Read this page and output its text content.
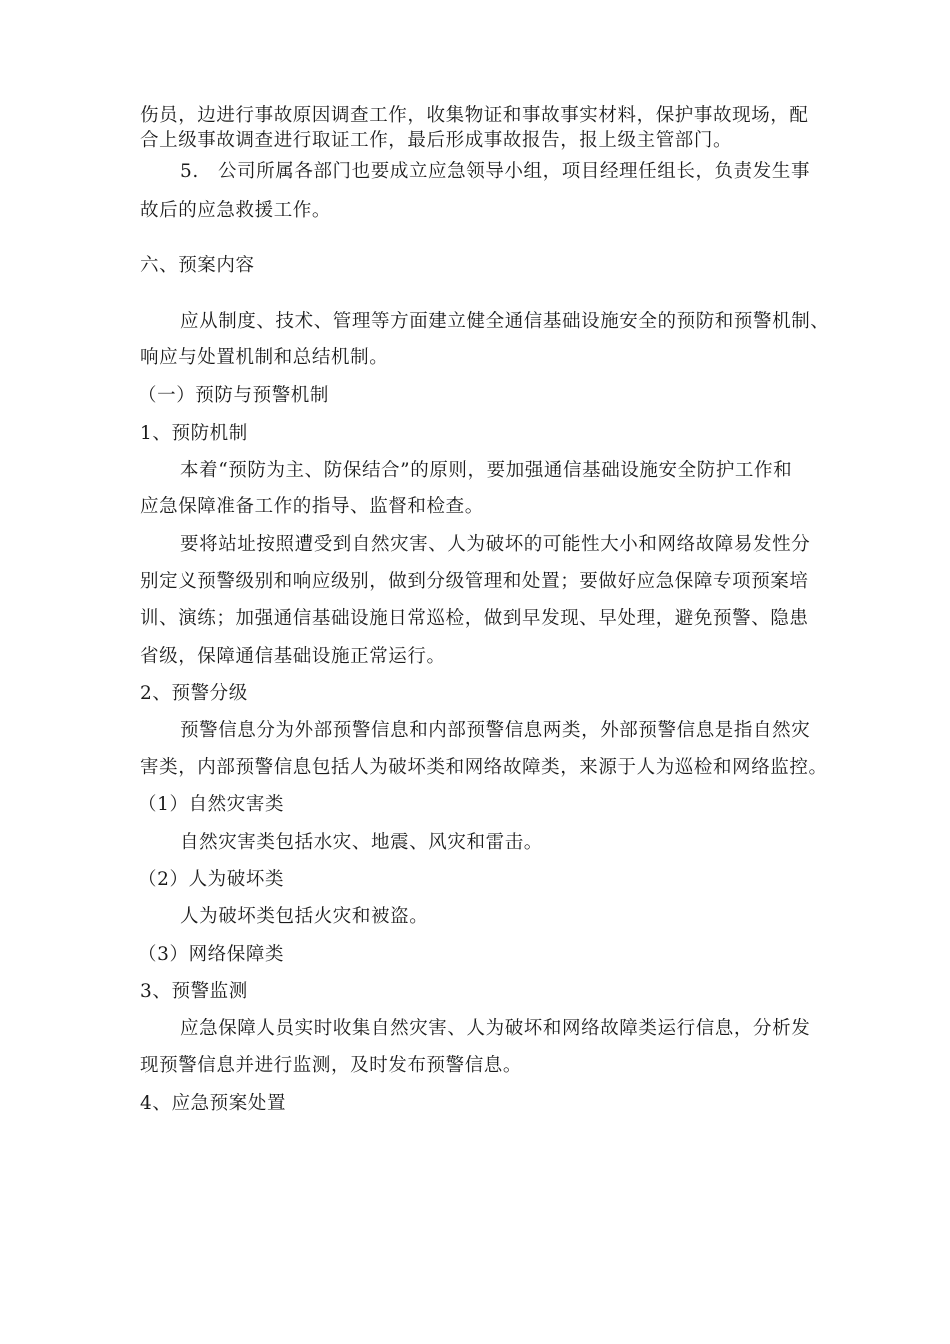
伤员，边进行事故原因调查工作，收集物证和事故事实材料，保护事故现场，配
合上级事故调查进行取证工作，最后形成事故报告，报上级主管部门。
5.　公司所属各部门也要成立应急领导小组，项目经理任组长，负责发生事
故后的应急救援工作。
六、预案内容
应从制度、技术、管理等方面建立健全通信基础设施安全的预防和预警机制、
响应与处置机制和总结机制。
（一）预防与预警机制
1、预防机制
本着“预防为主、防保结合”的原则，要加强通信基础设施安全防护工作和
应急保障准备工作的指导、监督和检查。
要将站址按照遭受到自然灾害、人为破坏的可能性大小和网络故障易发性分
别定义预警级别和响应级别，做到分级管理和处置；要做好应急保障专项预案培
训、演练；加强通信基础设施日常巡检，做到早发现、早处理，避免预警、隐患
省级，保障通信基础设施正常运行。
2、预警分级
预警信息分为外部预警信息和内部预警信息两类，外部预警信息是指自然灾
害类，内部预警信息包括人为破坏类和网络故障类，来源于人为巡检和网络监控。
（1）自然灾害类
自然灾害类包括水灾、地震、风灾和雷击。
（2）人为破坏类
人为破坏类包括火灾和被盗。
（3）网络保障类
3、预警监测
应急保障人员实时收集自然灾害、人为破坏和网络故障类运行信息，分析发
现预警信息并进行监测，及时发布预警信息。
4、应急预案处置
